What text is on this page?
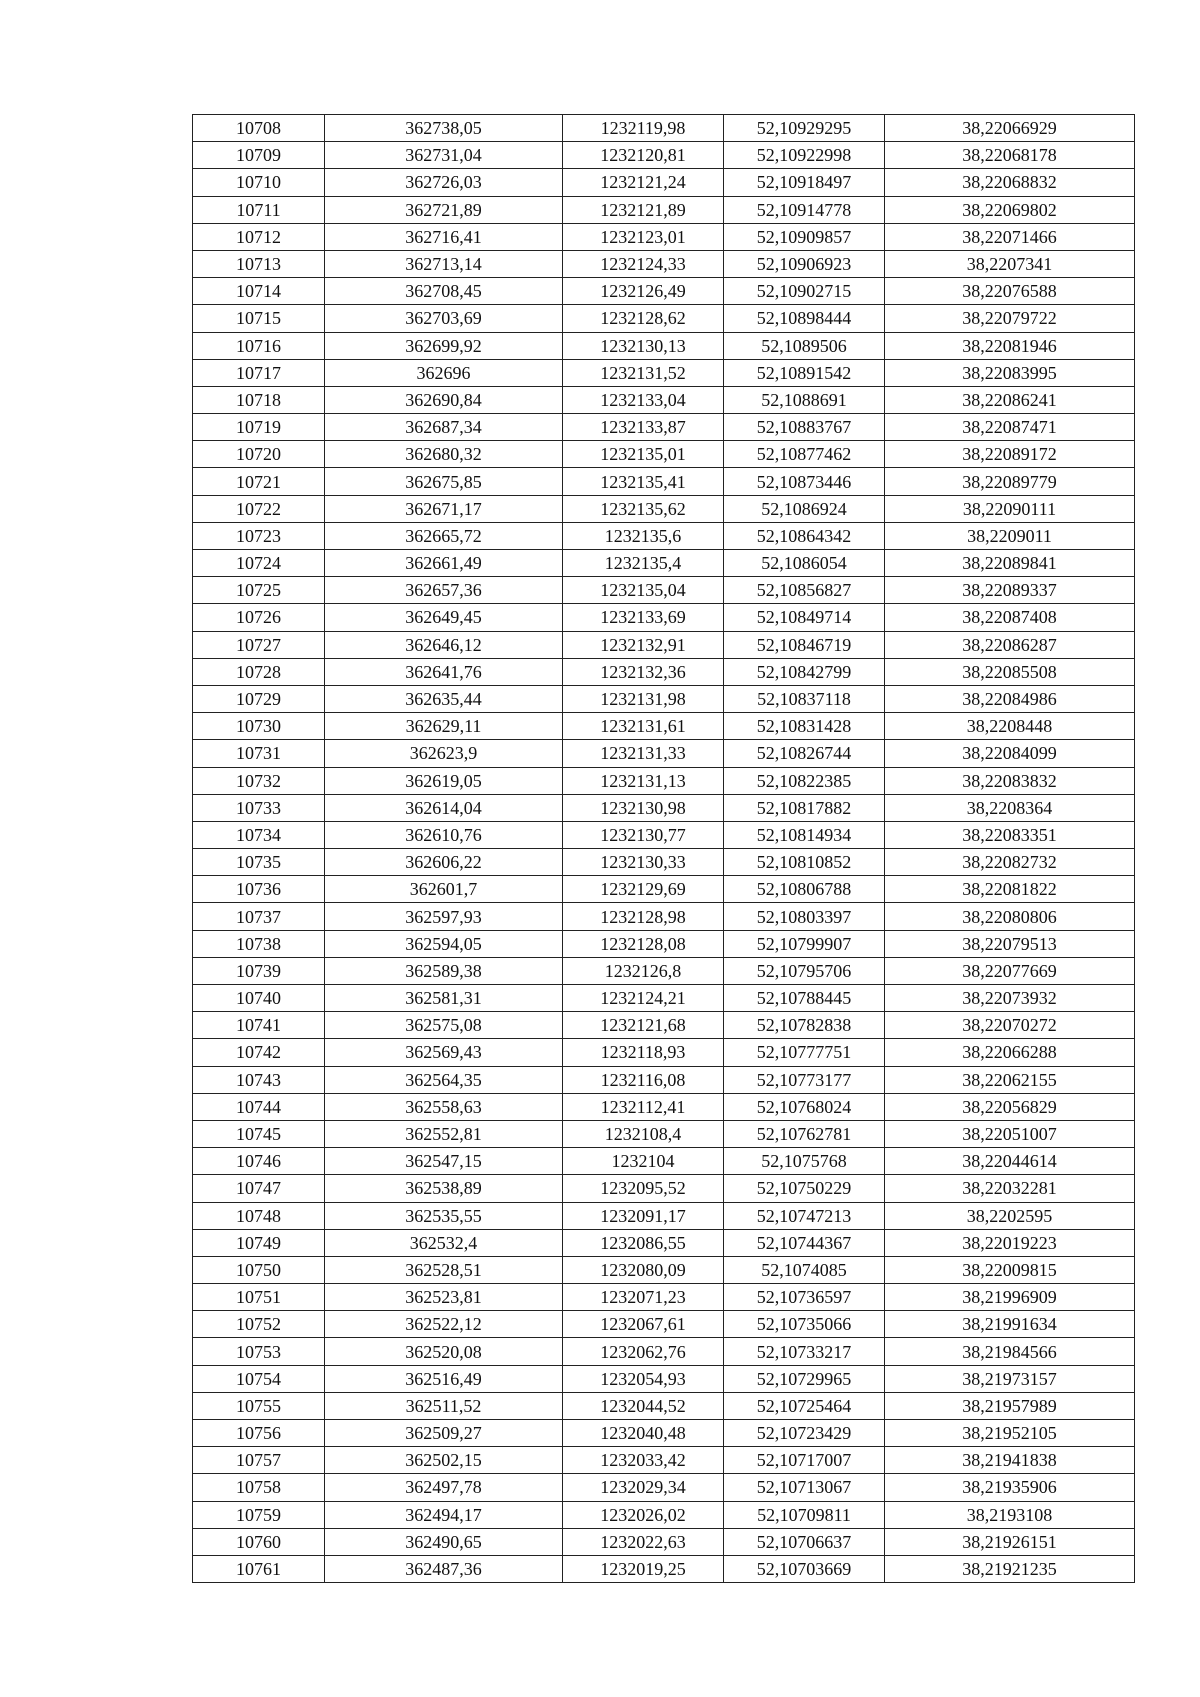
10708	362738,05	1232119,98	52,10929295	38,22066929
10709	362731,04	1232120,81	52,10922998	38,22068178
10710	362726,03	1232121,24	52,10918497	38,22068832
10711	362721,89	1232121,89	52,10914778	38,22069802
10712	362716,41	1232123,01	52,10909857	38,22071466
10713	362713,14	1232124,33	52,10906923	38,2207341
10714	362708,45	1232126,49	52,10902715	38,22076588
10715	362703,69	1232128,62	52,10898444	38,22079722
10716	362699,92	1232130,13	52,1089506	38,22081946
10717	362696	1232131,52	52,10891542	38,22083995
10718	362690,84	1232133,04	52,1088691	38,22086241
10719	362687,34	1232133,87	52,10883767	38,22087471
10720	362680,32	1232135,01	52,10877462	38,22089172
10721	362675,85	1232135,41	52,10873446	38,22089779
10722	362671,17	1232135,62	52,1086924	38,22090111
10723	362665,72	1232135,6	52,10864342	38,2209011
10724	362661,49	1232135,4	52,1086054	38,22089841
10725	362657,36	1232135,04	52,10856827	38,22089337
10726	362649,45	1232133,69	52,10849714	38,22087408
10727	362646,12	1232132,91	52,10846719	38,22086287
10728	362641,76	1232132,36	52,10842799	38,22085508
10729	362635,44	1232131,98	52,10837118	38,22084986
10730	362629,11	1232131,61	52,10831428	38,2208448
10731	362623,9	1232131,33	52,10826744	38,22084099
10732	362619,05	1232131,13	52,10822385	38,22083832
10733	362614,04	1232130,98	52,10817882	38,2208364
10734	362610,76	1232130,77	52,10814934	38,22083351
10735	362606,22	1232130,33	52,10810852	38,22082732
10736	362601,7	1232129,69	52,10806788	38,22081822
10737	362597,93	1232128,98	52,10803397	38,22080806
10738	362594,05	1232128,08	52,10799907	38,22079513
10739	362589,38	1232126,8	52,10795706	38,22077669
10740	362581,31	1232124,21	52,10788445	38,22073932
10741	362575,08	1232121,68	52,10782838	38,22070272
10742	362569,43	1232118,93	52,10777751	38,22066288
10743	362564,35	1232116,08	52,10773177	38,22062155
10744	362558,63	1232112,41	52,10768024	38,22056829
10745	362552,81	1232108,4	52,10762781	38,22051007
10746	362547,15	1232104	52,1075768	38,22044614
10747	362538,89	1232095,52	52,10750229	38,22032281
10748	362535,55	1232091,17	52,10747213	38,2202595
10749	362532,4	1232086,55	52,10744367	38,22019223
10750	362528,51	1232080,09	52,1074085	38,22009815
10751	362523,81	1232071,23	52,10736597	38,21996909
10752	362522,12	1232067,61	52,10735066	38,21991634
10753	362520,08	1232062,76	52,10733217	38,21984566
10754	362516,49	1232054,93	52,10729965	38,21973157
10755	362511,52	1232044,52	52,10725464	38,21957989
10756	362509,27	1232040,48	52,10723429	38,21952105
10757	362502,15	1232033,42	52,10717007	38,21941838
10758	362497,78	1232029,34	52,10713067	38,21935906
10759	362494,17	1232026,02	52,10709811	38,2193108
10760	362490,65	1232022,63	52,10706637	38,21926151
10761	362487,36	1232019,25	52,10703669	38,21921235
